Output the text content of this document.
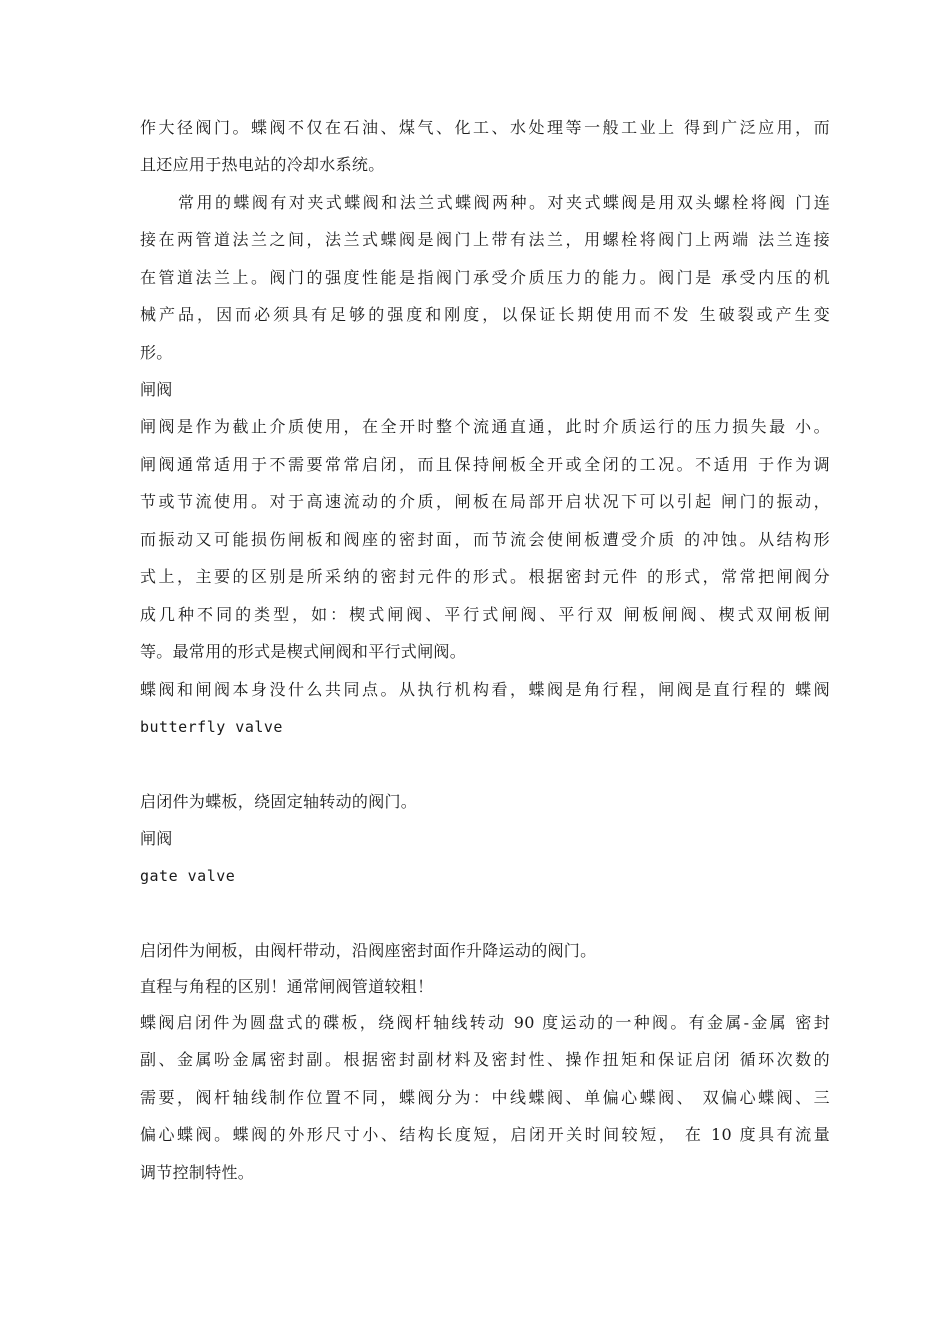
作大径阀门。蝶阀不仅在石油、煤气、化工、水处理等一般工业上 得到广泛应用，而
且还应用于热电站的冷却水系统。
常用的蝶阀有对夹式蝶阀和法兰式蝶阀两种。对夹式蝶阀是用双头螺栓将阀 门连
接在两管道法兰之间，法兰式蝶阀是阀门上带有法兰，用螺栓将阀门上两端 法兰连接
在管道法兰上。阀门的强度性能是指阀门承受介质压力的能力。阀门是 承受内压的机
械产品，因而必须具有足够的强度和刚度，以保证长期使用而不发 生破裂或产生变
形。
闸阀
闸阀是作为截止介质使用，在全开时整个流通直通，此时介质运行的压力损失最 小。
闸阀通常适用于不需要常常启闭，而且保持闸板全开或全闭的工况。不适用 于作为调
节或节流使用。对于高速流动的介质，闸板在局部开启状况下可以引起 闸门的振动，
而振动又可能损伤闸板和阀座的密封面，而节流会使闸板遭受介质 的冲蚀。从结构形
式上，主要的区别是所采纳的密封元件的形式。根据密封元件 的形式，常常把闸阀分
成几种不同的类型，如：楔式闸阀、平行式闸阀、平行双 闸板闸阀、楔式双闸板闸
等。最常用的形式是楔式闸阀和平行式闸阀。
蝶阀和闸阀本身没什么共同点。从执行机构看，蝶阀是角行程，闸阀是直行程的 蝶阀
butterfly valve
启闭件为蝶板，绕固定轴转动的阀门。
闸阀
gate valve
启闭件为闸板，由阀杆带动，沿阀座密封面作升降运动的阀门。
直程与角程的区别！通常闸阀管道较粗！
蝶阀启闭件为圆盘式的碟板，绕阀杆轴线转动 90 度运动的一种阀。有金属-金属 密封
副、金属吩金属密封副。根据密封副材料及密封性、操作扭矩和保证启闭 循环次数的
需要，阀杆轴线制作位置不同，蝶阀分为：中线蝶阀、单偏心蝶阀、 双偏心蝶阀、三
偏心蝶阀。蝶阀的外形尺寸小、结构长度短，启闭开关时间较短， 在 10 度具有流量
调节控制特性。
